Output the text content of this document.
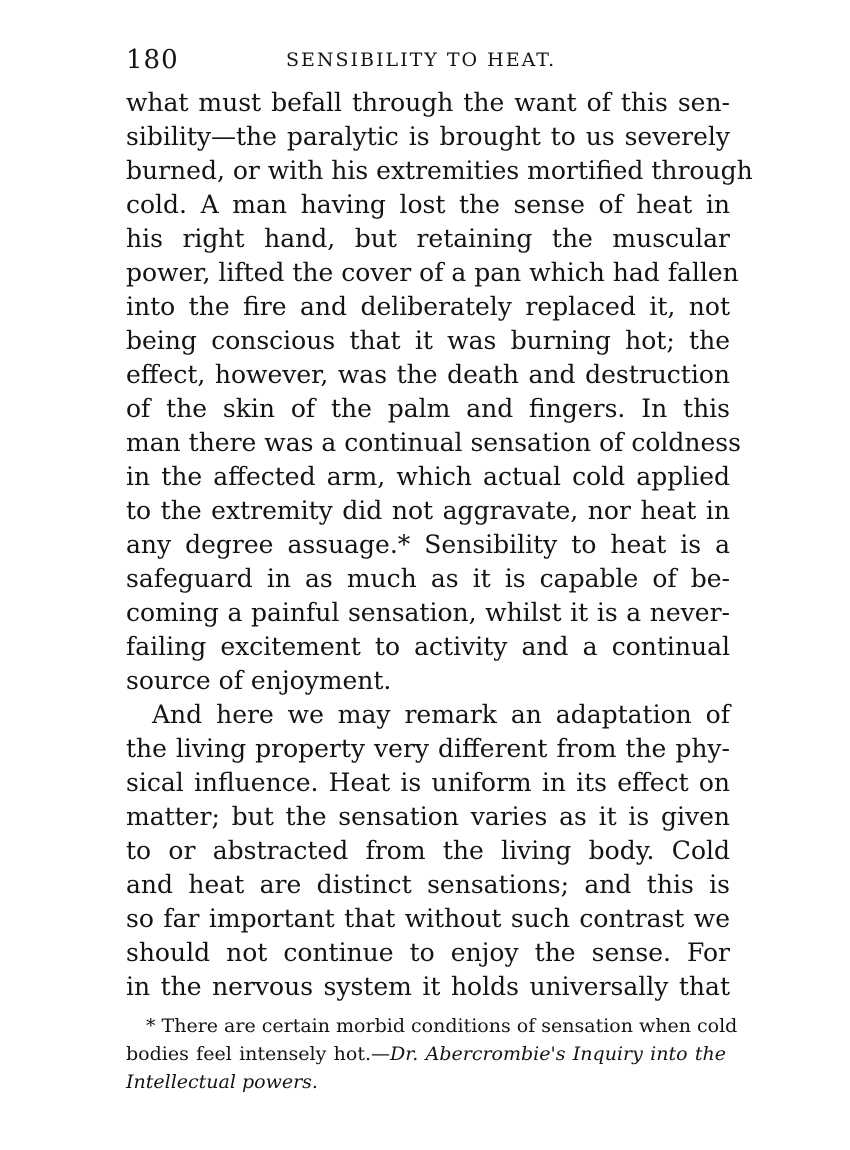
180	SENSIBILITY TO HEAT.
what must befall through the want of this sen-
sibility—the paralytic is brought to us severely
burned, or with his extremities mortified through
cold. A man having lost the sense of heat in
his right hand, but retaining the muscular
power, lifted the cover of a pan which had fallen
into the fire and deliberately replaced it, not
being conscious that it was burning hot; the
effect, however, was the death and destruction
of the skin of the palm and fingers. In this
man there was a continual sensation of coldness
in the affected arm, which actual cold applied
to the extremity did not aggravate, nor heat in
any degree assuage.* Sensibility to heat is a
safeguard in as much as it is capable of be-
coming a painful sensation, whilst it is a never-
failing excitement to activity and a continual
source of enjoyment.
And here we may remark an adaptation of
the living property very different from the phy-
sical influence. Heat is uniform in its effect on
matter; but the sensation varies as it is given
to or abstracted from the living body. Cold
and heat are distinct sensations; and this is
so far important that without such contrast we
should not continue to enjoy the sense. For
in the nervous system it holds universally that
* There are certain morbid conditions of sensation when cold
bodies feel intensely hot.—Dr. Abercrombie's Inquiry into the
Intellectual powers.
